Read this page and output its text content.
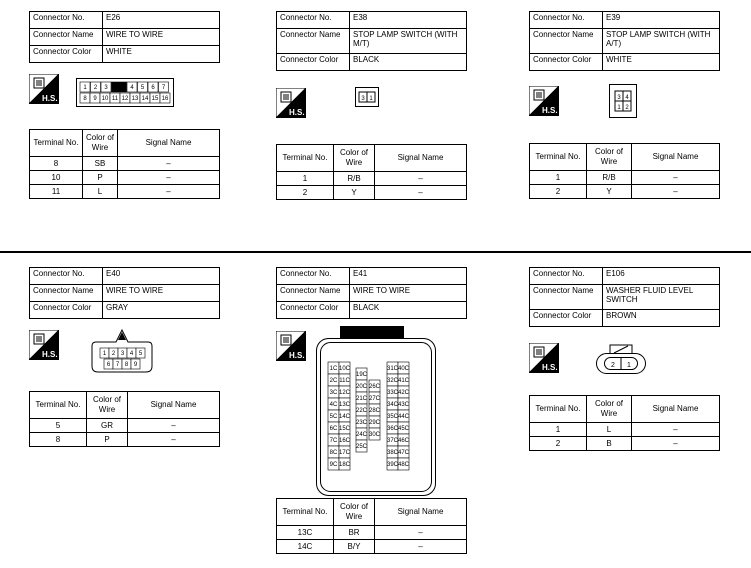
Connector No.	E26
Connector Name	WIRE TO WIRE
Connector Color	WHITE
H.S.
1 2 3	4 5 6 7
8 9 10 11 12 13 14 15 16
Terminal No.	Color of Wire	Signal Name
8	SB	–
10	P	–
11	L	–
Connector No.	E38
Connector Name	STOP LAMP SWITCH (WITH M/T)
Connector Color	BLACK
H.S.
3 1
Terminal No.	Color of Wire	Signal Name
1	R/B	–
2	Y	–
Connector No.	E39
Connector Name	STOP LAMP SWITCH (WITH A/T)
Connector Color	WHITE
H.S.
3 4
1 2
Terminal No.	Color of Wire	Signal Name
1	R/B	–
2	Y	–
Connector No.	E40
Connector Name	WIRE TO WIRE
Connector Color	GRAY
H.S.	1 2 3 4 5
6 7 8 9
Terminal No.	Color of Wire	Signal Name
5	GR	–
8	P	–
Connector No.	E41
Connector Name	WIRE TO WIRE
Connector Color	BLACK
H.S.
1C
2C
3C
4C
5C
6C
7C
8C
9C
10C
11C
12C
13C
14C
15C
16C
17C
18C
19C
20C
21C
22C
23C
24C
25C
26C
27C
28C
29C
30C
31C
32C
33C
34C
35C
36C
37C
38C
39C
40C
41C
42C
43C
44C
45C
46C
47C
48C
Terminal No.	Color of Wire	Signal Name
13C	BR	–
14C	B/Y	–
Connector No.	E106
Connector Name	WASHER FLUID LEVEL SWITCH
Connector Color	BROWN
H.S.	2 1
Terminal No.	Color of Wire	Signal Name
1	L	–
2	B	–
